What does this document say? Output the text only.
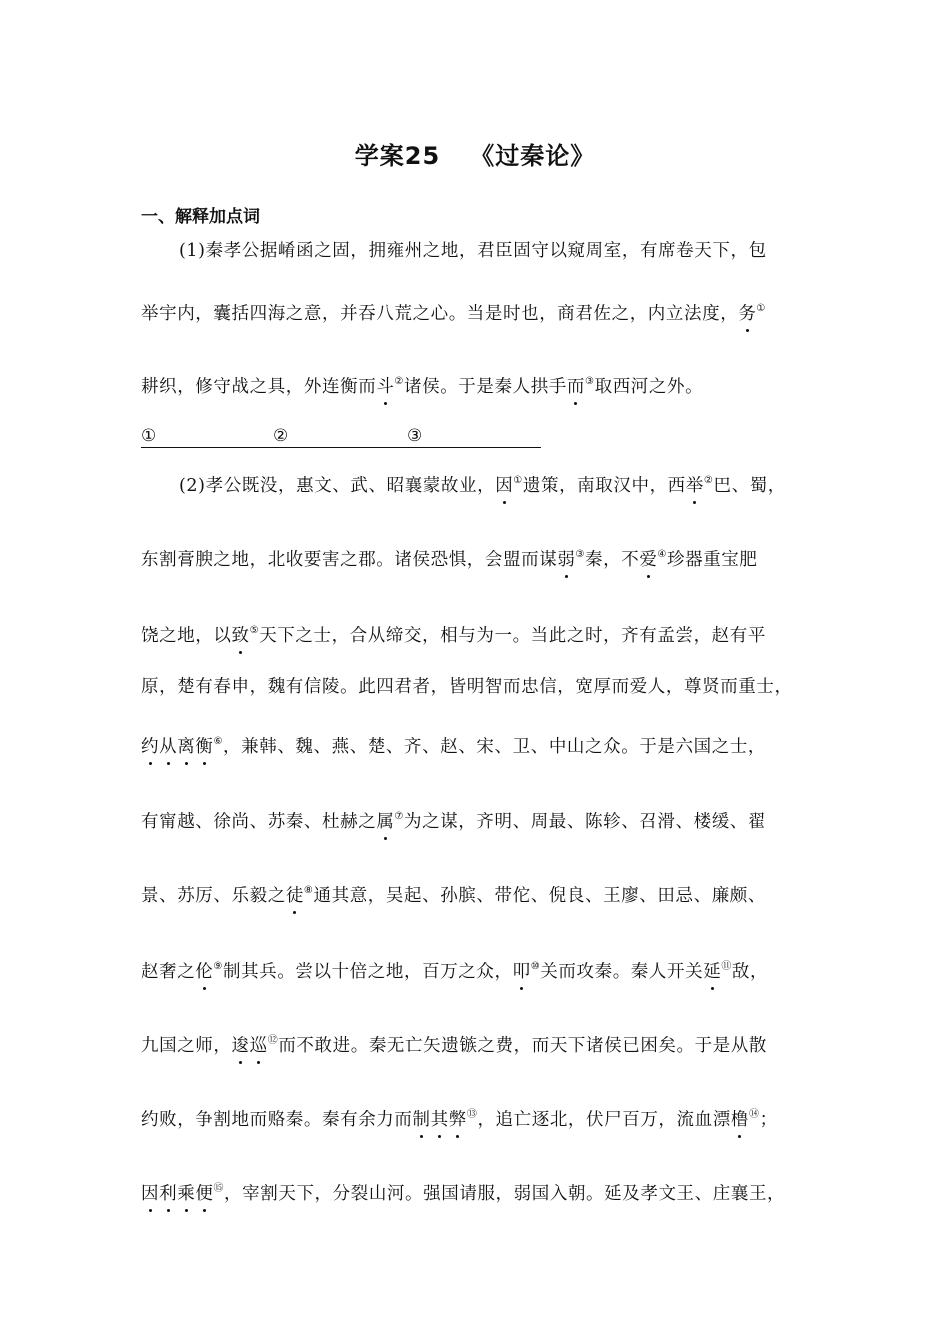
学案25 《过秦论》
一、解释加点词
(1)秦孝公据崤函之固，拥雍州之地，君臣固守以窥周室，有席卷天下，包
举宇内，囊括四海之意，并吞八荒之心。当是时也，商君佐之，内立法度，务①
耕织，修守战之具，外连衡而斗②诸侯。于是秦人拱手而③取西河之外。
①	②	③
(2)孝公既没，惠文、武、昭襄蒙故业，因①遗策，南取汉中，西举②巴、蜀，
东割膏腴之地，北收要害之郡。诸侯恐惧，会盟而谋弱③秦，不爱④珍器重宝肥
饶之地，以致⑤天下之士，合从缔交，相与为一。当此之时，齐有孟尝，赵有平
原，楚有春申，魏有信陵。此四君者，皆明智而忠信，宽厚而爱人，尊贤而重士，
约从离衡⑥，兼韩、魏、燕、楚、齐、赵、宋、卫、中山之众。于是六国之士，
有甯越、徐尚、苏秦、杜赫之属⑦为之谋，齐明、周最、陈轸、召滑、楼缓、翟
景、苏厉、乐毅之徒⑧通其意，吴起、孙膑、带佗、倪良、王廖、田忌、廉颇、
赵奢之伦⑨制其兵。尝以十倍之地，百万之众，叩⑩关而攻秦。秦人开关延⑪敌，
九国之师，逡巡⑫而不敢进。秦无亡矢遗镞之费，而天下诸侯已困矣。于是从散
约败，争割地而赂秦。秦有余力而制其弊⑬，追亡逐北，伏尸百万，流血漂橹⑭；
因利乘便⑮，宰割天下，分裂山河。强国请服，弱国入朝。延及孝文王、庄襄王，
